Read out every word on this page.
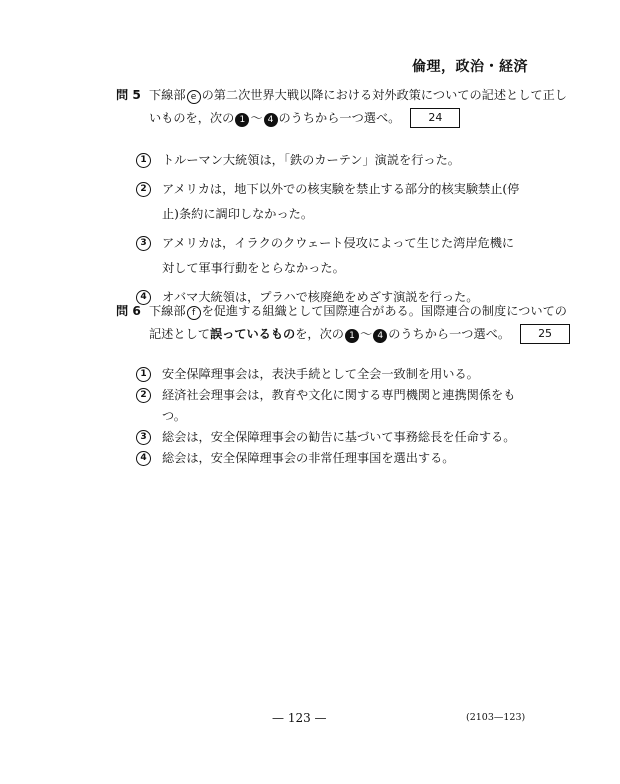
倫理，政治・経済
問 5 下線部 e の第二次世界大戦以降における対外政策についての記述として正し
いものを，次の 1 ～ 4 のうちから一つ選べ。	24
1	トルーマン大統領は，「鉄のカーテン」演説を行った。
2	アメリカは，地下以外での核実験を禁止する部分的核実験禁止(停止)条約に調印しなかった。
3	アメリカは，イラクのクウェート侵攻によって生じた湾岸危機に対して軍事行動をとらなかった。
4	オバマ大統領は，プラハで核廃絶をめざす演説を行った。
問 6 下線部 f を促進する組織として国際連合がある。国際連合の制度についての
記述として誤っているものを，次の 1 ～ 4 のうちから一つ選べ。	25
1	安全保障理事会は，表決手続として全会一致制を用いる。
2	経済社会理事会は，教育や文化に関する専門機関と連携関係をもつ。
3	総会は，安全保障理事会の勧告に基づいて事務総長を任命する。
4	総会は，安全保障理事会の非常任理事国を選出する。
— 123 —	(2103—123)
